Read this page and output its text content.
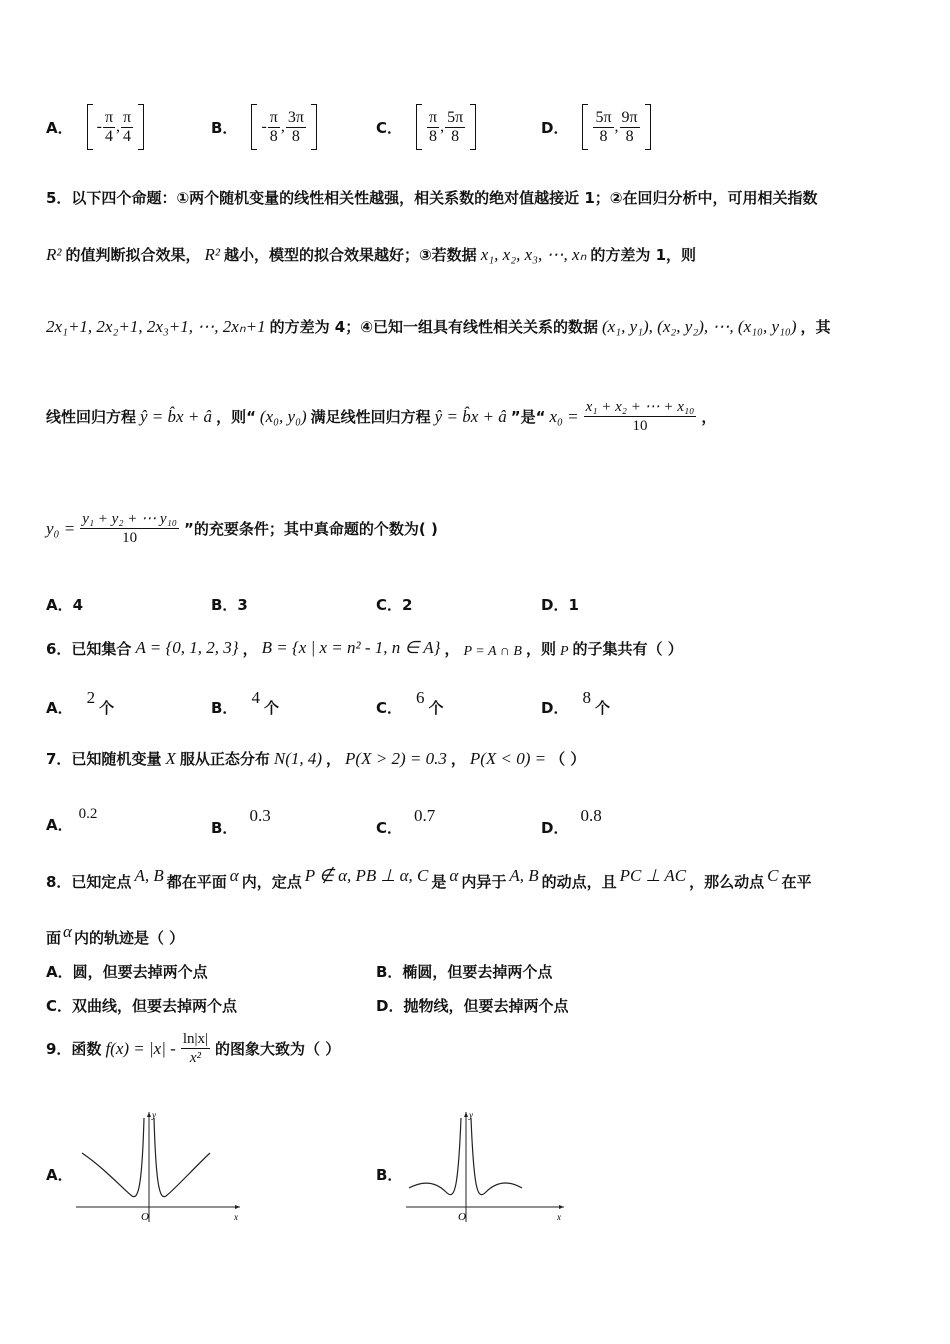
A． - $\frac{\pi}{4}$ , $\frac{\pi}{4}$	B． - $\frac{\pi}{8}$ , $\frac{3\pi}{8}$	C． $\frac{\pi}{8}$ , $\frac{5\pi}{8}$	D． $\frac{5\pi}{8}$ , $\frac{9\pi}{8}$
5．以下四个命题：①两个随机变量的线性相关性越强，相关系数的绝对值越接近 1；②在回归分析中，可用相关指数
R² 的值判断拟合效果， R² 越小，模型的拟合效果越好；③若数据 x₁, x₂, x₃, ⋯, xₙ 的方差为 1，则
2x₁+1, 2x₂+1, 2x₃+1, ⋯, 2xₙ+1 的方差为 4；④已知一组具有线性相关关系的数据 (x₁, y₁), (x₂, y₂), ⋯, (x₁₀, y₁₀) ，其
线性回归方程 ŷ = b̂x + â ，则“ (x₀, y₀) 满足线性回归方程 ŷ = b̂x + â ”是“ $x_0 = \frac{\text{x₁ + x₂ + ⋯ + x₁₀}}{10}$ ，
$y_0 = \frac{\text{y₁ + y₂ + ⋯ y₁₀}}{10}$ ”的充要条件；其中真命题的个数为( )
A．4	B．3	C．2	D．1
6．已知集合 A = {0, 1, 2, 3} ， B = {x | x = n² - 1, n ∈ A} ， P = A ∩ B ，则 P 的子集共有（ ）
A．
2
个	B．
4
个	C．
6
个	D．
8
个
7．已知随机变量 X 服从正态分布 N(1, 4) ， P(X > 2) = 0.3 ， P(X < 0) = （ ）
A．
0.2
B．
0.3
C．
0.7
D．
0.8
8．已知定点 A, B 都在平面 α 内，定点 P ∉ α, PB ⊥ α, C 是 α 内异于 A, B 的动点，且 PC ⊥ AC ，那么动点 C 在平
面 α 内的轨迹是（ ）
A．圆，但要去掉两个点	B．椭圆，但要去掉两个点
C．双曲线，但要去掉两个点	D．抛物线，但要去掉两个点
9．函数 $f(x) = |x| - \frac{\ln|x|}{\text{x²}}$ 的图象大致为（ ）
A．
O	x
y
B．
O	x
y
